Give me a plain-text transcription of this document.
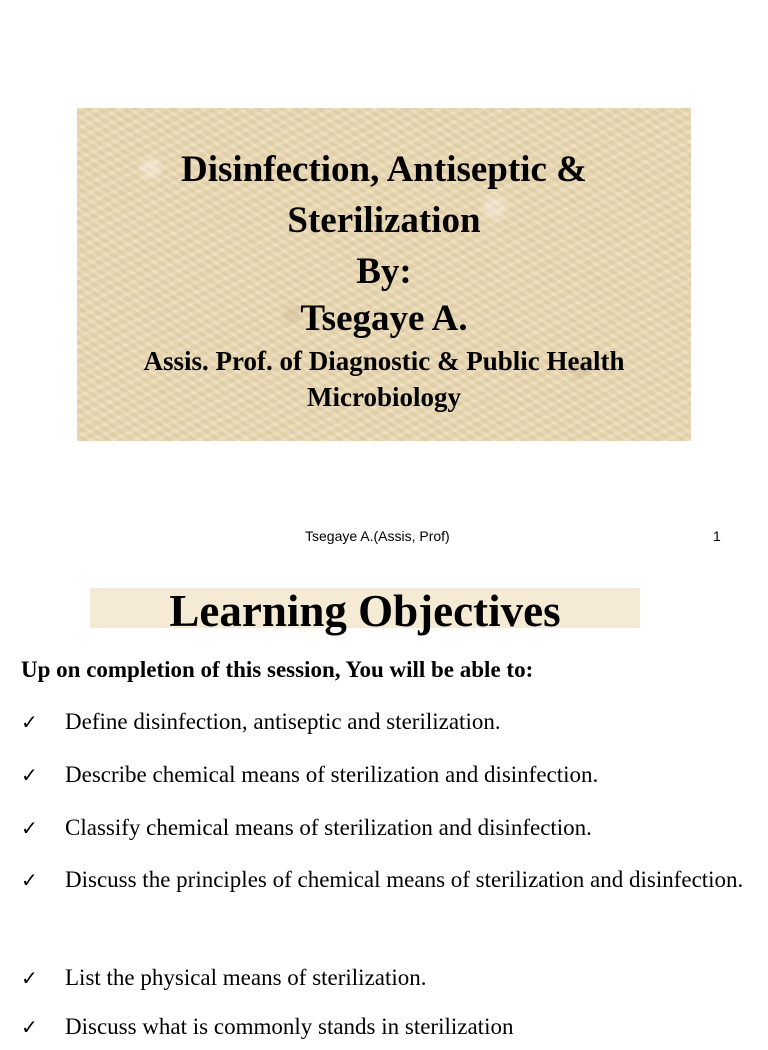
Disinfection, Antiseptic &
Sterilization
By:
Tsegaye A.
Assis. Prof. of Diagnostic & Public Health
Microbiology
Tsegaye A.(Assis, Prof)	1
Learning Objectives
Up on completion of this session, You will be able to:
✓ Define disinfection, antiseptic and sterilization.
✓ Describe chemical means of sterilization and disinfection.
✓ Classify chemical means of sterilization and disinfection.
✓ Discuss the principles of chemical means of sterilization and disinfection.
✓ List the physical means of sterilization.
✓ Discuss what is commonly stands in sterilization
